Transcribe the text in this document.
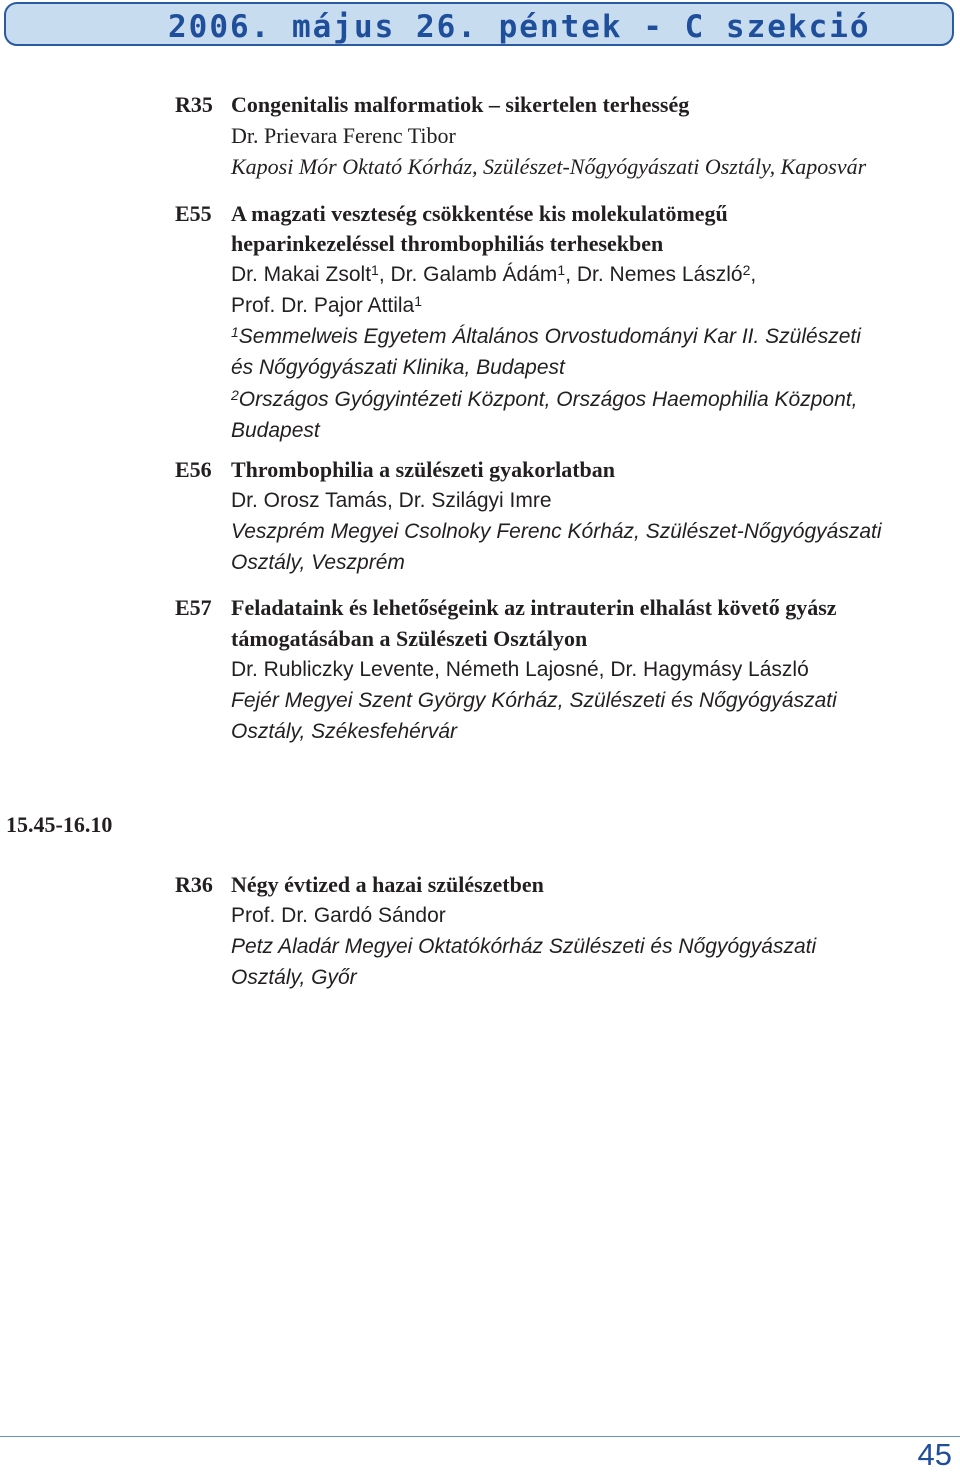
2006. május 26. péntek - C szekció
R35 Congenitalis malformatiok – sikertelen terhesség
Dr. Prievara Ferenc Tibor
Kaposi Mór Oktató Kórház, Szülészet-Nőgyógyászati Osztály, Kaposvár
E55 A magzati veszteség csökkentése kis molekulatömegű
heparinkezeléssel thrombophiliás terhesekben
Dr. Makai Zsolt$^1$, Dr. Galamb Ádám$^1$, Dr. Nemes László$^2$,
Prof. Dr. Pajor Attila$^1$
$^1$Semmelweis Egyetem Általános Orvostudományi Kar II. Szülészeti
és Nőgyógyászati Klinika, Budapest
$^2$Országos Gyógyintézeti Központ, Országos Haemophilia Központ,
Budapest
E56 Thrombophilia a szülészeti gyakorlatban
Dr. Orosz Tamás, Dr. Szilágyi Imre
Veszprém Megyei Csolnoky Ferenc Kórház, Szülészet-Nőgyógyászati
Osztály, Veszprém
E57 Feladataink és lehetőségeink az intrauterin elhalást követő gyász
támogatásában a Szülészeti Osztályon
Dr. Rubliczky Levente, Németh Lajosné, Dr. Hagymásy László
Fejér Megyei Szent György Kórház, Szülészeti és Nőgyógyászati
Osztály, Székesfehérvár
15.45-16.10
R36 Négy évtized a hazai szülészetben
Prof. Dr. Gardó Sándor
Petz Aladár Megyei Oktatókórház Szülészeti és Nőgyógyászati
Osztály, Győr
45
